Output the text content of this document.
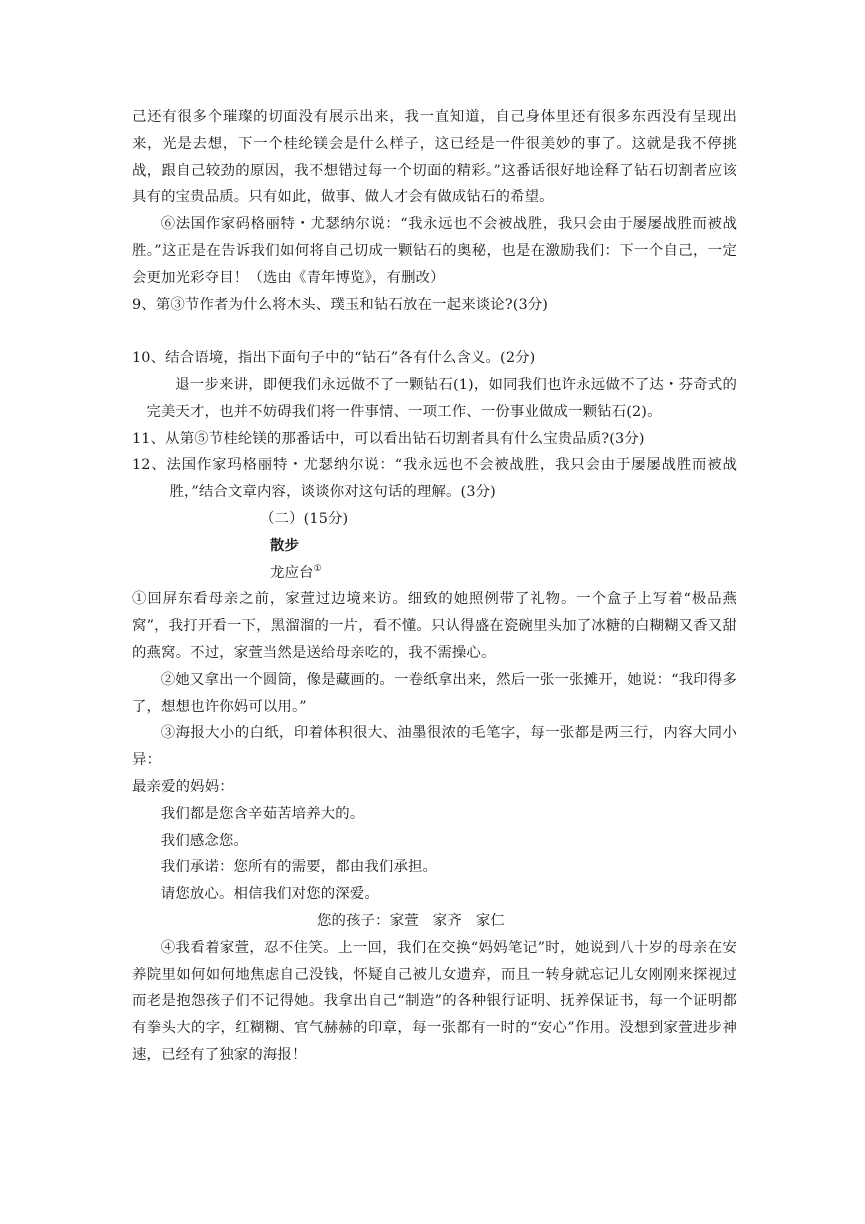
己还有很多个璀璨的切面没有展示出来，我一直知道，自己身体里还有很多东西没有呈现出来，光是去想，下一个桂纶镁会是什么样子，这已经是一件很美妙的事了。这就是我不停挑战，跟自己较劲的原因，我不想错过每一个切面的精彩。”这番话很好地诠释了钻石切割者应该具有的宝贵品质。只有如此，做事、做人才会有做成钻石的希望。

⑥法国作家码格丽特・尤瑟纳尔说：“我永远也不会被战胜，我只会由于屡屡战胜而被战胜。”这正是在告诉我们如何将自己切成一颗钻石的奥秘，也是在激励我们：下一个自己，一定会更加光彩夺目！（选由《青年博览》，有删改）

9、第③节作者为什么将木头、璞玉和钻石放在一起来谈论?(3分)

10、结合语境，指出下面句子中的“钻石”各有什么含义。(2分)

退一步来讲，即便我们永远做不了一颗钻石(1)，如同我们也许永远做不了达・芬奇式的完美天才，也并不妨碍我们将一件事情、一项工作、一份事业做成一颗钻石(2)。

11、从第⑤节桂纶镁的那番话中，可以看出钻石切割者具有什么宝贵品质?(3分)

12、法国作家玛格丽特・尤瑟纳尔说：“我永远也不会被战胜，我只会由于屡屡战胜而被战胜，”结合文章内容，谈谈你对这句话的理解。(3分)

（二）(15分)

散步

龙应台①

①回屏东看母亲之前，家萱过边境来访。细致的她照例带了礼物。一个盒子上写着“极品燕窝”，我打开看一下，黑溜溜的一片，看不懂。只认得盛在瓷碗里头加了冰糖的白糊糊又香又甜的燕窝。不过，家萱当然是送给母亲吃的，我不需操心。

②她又拿出一个圆筒，像是藏画的。一卷纸拿出来，然后一张一张摊开，她说：“我印得多了，想想也许你妈可以用。”

③海报大小的白纸，印着体积很大、油墨很浓的毛笔字，每一张都是两三行，内容大同小异：

最亲爱的妈妈：

我们都是您含辛茹苦培养大的。

我们感念您。

我们承诺：您所有的需要，都由我们承担。

请您放心。相信我们对您的深爱。

您的孩子：家萱 家齐 家仁

④我看着家萱，忍不住笑。上一回，我们在交换“妈妈笔记”时，她说到八十岁的母亲在安养院里如何如何地焦虑自己没钱，怀疑自己被儿女遗弃，而且一转身就忘记儿女刚刚来探视过而老是抱怨孩子们不记得她。我拿出自己“制造”的各种银行证明、抚养保证书，每一个证明都有拳头大的字，红糊糊、官气赫赫的印章，每一张都有一时的“安心”作用。没想到家萱进步神速，已经有了独家的海报！
